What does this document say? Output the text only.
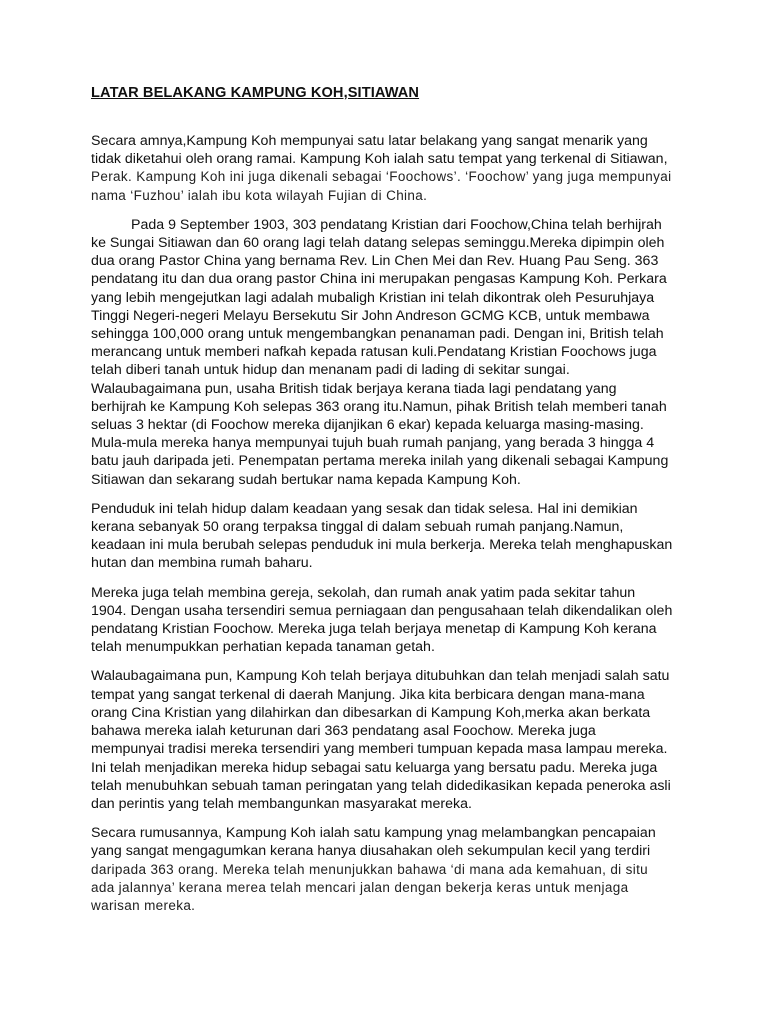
LATAR BELAKANG KAMPUNG KOH,SITIAWAN
Secara amnya,Kampung Koh mempunyai satu latar belakang yang sangat menarik yang
tidak diketahui oleh orang ramai. Kampung Koh ialah satu tempat yang terkenal di Sitiawan,
Perak. Kampung Koh ini juga dikenali sebagai ‘Foochows’. ‘Foochow’ yang juga mempunyai
nama ‘Fuzhou’ ialah ibu kota wilayah Fujian di China.
Pada 9 September 1903, 303 pendatang Kristian dari Foochow,China telah berhijrah
ke Sungai Sitiawan dan 60 orang lagi telah datang selepas seminggu.Mereka dipimpin oleh
dua orang Pastor China yang bernama Rev. Lin Chen Mei dan Rev. Huang Pau Seng. 363
pendatang itu dan dua orang pastor China ini merupakan pengasas Kampung Koh. Perkara
yang lebih mengejutkan lagi adalah mubaligh Kristian ini telah dikontrak oleh Pesuruhjaya
Tinggi Negeri-negeri Melayu Bersekutu Sir John Andreson GCMG KCB, untuk membawa
sehingga 100,000 orang untuk mengembangkan penanaman padi. Dengan ini, British telah
merancang untuk memberi nafkah kepada ratusan kuli.Pendatang Kristian Foochows juga
telah diberi tanah untuk hidup dan menanam padi di lading di sekitar sungai.
Walaubagaimana pun, usaha British tidak berjaya kerana tiada lagi pendatang yang
berhijrah ke Kampung Koh selepas 363 orang itu.Namun, pihak British telah memberi tanah
seluas 3 hektar (di Foochow mereka dijanjikan 6 ekar) kepada keluarga masing-masing.
Mula-mula mereka hanya mempunyai tujuh buah rumah panjang, yang berada 3 hingga 4
batu jauh daripada jeti. Penempatan pertama mereka inilah yang dikenali sebagai Kampung
Sitiawan dan sekarang sudah bertukar nama kepada Kampung Koh.
Penduduk ini telah hidup dalam keadaan yang sesak dan tidak selesa. Hal ini demikian
kerana sebanyak 50 orang terpaksa tinggal di dalam sebuah rumah panjang.Namun,
keadaan ini mula berubah selepas penduduk ini mula berkerja. Mereka telah menghapuskan
hutan dan membina rumah baharu.
Mereka juga telah membina gereja, sekolah, dan rumah anak yatim pada sekitar tahun
1904. Dengan usaha tersendiri semua perniagaan dan pengusahaan telah dikendalikan oleh
pendatang Kristian Foochow. Mereka juga telah berjaya menetap di Kampung Koh kerana
telah menumpukkan perhatian kepada tanaman getah.
Walaubagaimana pun, Kampung Koh telah berjaya ditubuhkan dan telah menjadi salah satu
tempat yang sangat terkenal di daerah Manjung. Jika kita berbicara dengan mana-mana
orang Cina Kristian yang dilahirkan dan dibesarkan di Kampung Koh,merka akan berkata
bahawa mereka ialah keturunan dari 363 pendatang asal Foochow. Mereka juga
mempunyai tradisi mereka tersendiri yang memberi tumpuan kepada masa lampau mereka.
Ini telah menjadikan mereka hidup sebagai satu keluarga yang bersatu padu. Mereka juga
telah menubuhkan sebuah taman peringatan yang telah didedikasikan kepada peneroka asli
dan perintis yang telah membangunkan masyarakat mereka.
Secara rumusannya, Kampung Koh ialah satu kampung ynag melambangkan pencapaian
yang sangat mengagumkan kerana hanya diusahakan oleh sekumpulan kecil yang terdiri
daripada 363 orang. Mereka telah menunjukkan bahawa ‘di mana ada kemahuan, di situ
ada jalannya’ kerana merea telah mencari jalan dengan bekerja keras untuk menjaga
warisan mereka.
